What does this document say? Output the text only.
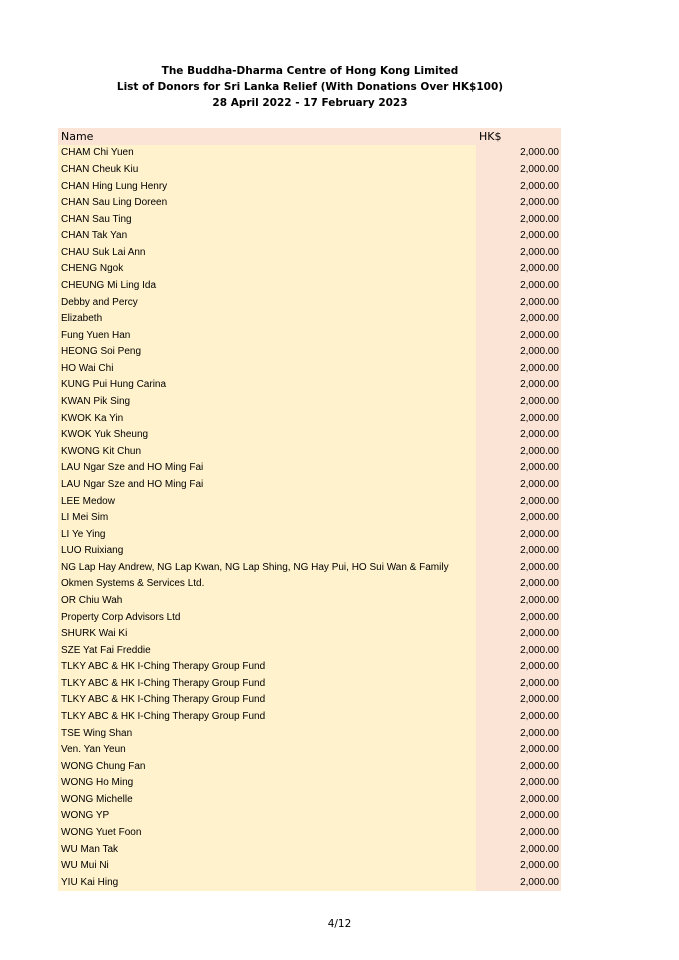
The Buddha-Dharma Centre of Hong Kong Limited
List of Donors for Sri Lanka Relief (With Donations Over HK$100)
28 April 2022 - 17 February 2023
Name	HK$
CHAM Chi Yuen	2,000.00
CHAN Cheuk Kiu	2,000.00
CHAN Hing Lung Henry	2,000.00
CHAN Sau Ling Doreen	2,000.00
CHAN Sau Ting	2,000.00
CHAN Tak Yan	2,000.00
CHAU Suk Lai Ann	2,000.00
CHENG Ngok	2,000.00
CHEUNG Mi Ling Ida	2,000.00
Debby and Percy	2,000.00
Elizabeth	2,000.00
Fung Yuen Han	2,000.00
HEONG Soi Peng	2,000.00
HO Wai Chi	2,000.00
KUNG Pui Hung Carina	2,000.00
KWAN Pik Sing	2,000.00
KWOK Ka Yin	2,000.00
KWOK Yuk Sheung	2,000.00
KWONG Kit Chun	2,000.00
LAU Ngar Sze and HO Ming Fai	2,000.00
LAU Ngar Sze and HO Ming Fai	2,000.00
LEE Medow	2,000.00
LI Mei Sim	2,000.00
LI Ye Ying	2,000.00
LUO Ruixiang	2,000.00
NG Lap Hay Andrew, NG Lap Kwan, NG Lap Shing, NG Hay Pui, HO Sui Wan & Family	2,000.00
Okmen Systems & Services Ltd.	2,000.00
OR Chiu Wah	2,000.00
Property Corp Advisors Ltd	2,000.00
SHURK Wai Ki	2,000.00
SZE Yat Fai Freddie	2,000.00
TLKY ABC & HK I-Ching Therapy Group Fund	2,000.00
TLKY ABC & HK I-Ching Therapy Group Fund	2,000.00
TLKY ABC & HK I-Ching Therapy Group Fund	2,000.00
TLKY ABC & HK I-Ching Therapy Group Fund	2,000.00
TSE Wing Shan	2,000.00
Ven. Yan Yeun	2,000.00
WONG Chung Fan	2,000.00
WONG Ho Ming	2,000.00
WONG Michelle	2,000.00
WONG YP	2,000.00
WONG Yuet Foon	2,000.00
WU Man Tak	2,000.00
WU Mui Ni	2,000.00
YIU Kai Hing	2,000.00
4/12
